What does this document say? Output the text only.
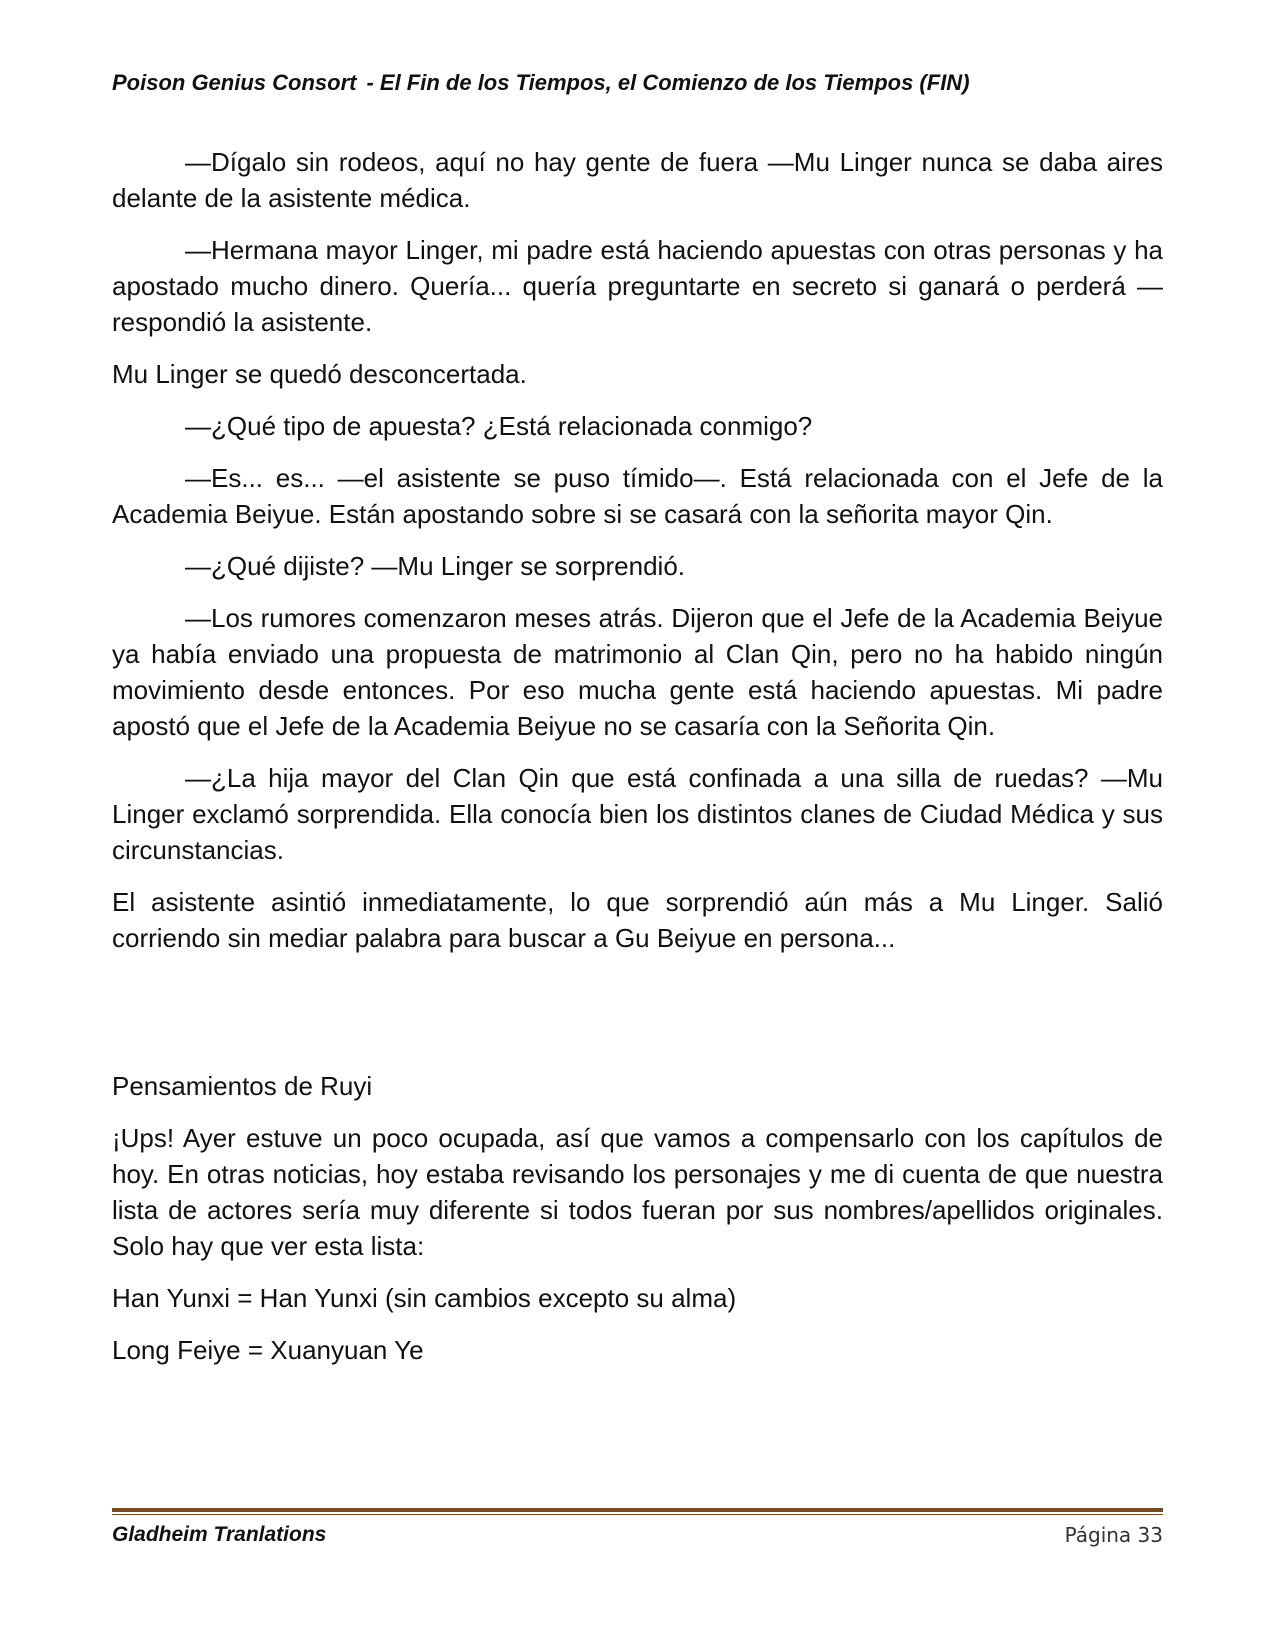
Poison Genius Consort - El Fin de los Tiempos, el Comienzo de los Tiempos (FIN)

—Dígalo sin rodeos, aquí no hay gente de fuera —Mu Linger nunca se daba aires delante de la asistente médica.

—Hermana mayor Linger, mi padre está haciendo apuestas con otras personas y ha apostado mucho dinero. Quería... quería preguntarte en secreto si ganará o perderá —respondió la asistente.

Mu Linger se quedó desconcertada.

—¿Qué tipo de apuesta? ¿Está relacionada conmigo?

—Es... es... —el asistente se puso tímido—. Está relacionada con el Jefe de la Academia Beiyue. Están apostando sobre si se casará con la señorita mayor Qin.

—¿Qué dijiste? —Mu Linger se sorprendió.

—Los rumores comenzaron meses atrás. Dijeron que el Jefe de la Academia Beiyue ya había enviado una propuesta de matrimonio al Clan Qin, pero no ha habido ningún movimiento desde entonces. Por eso mucha gente está haciendo apuestas. Mi padre apostó que el Jefe de la Academia Beiyue no se casaría con la Señorita Qin.

—¿La hija mayor del Clan Qin que está confinada a una silla de ruedas? —Mu Linger exclamó sorprendida. Ella conocía bien los distintos clanes de Ciudad Médica y sus circunstancias.

El asistente asintió inmediatamente, lo que sorprendió aún más a Mu Linger. Salió corriendo sin mediar palabra para buscar a Gu Beiyue en persona...

Pensamientos de Ruyi

¡Ups! Ayer estuve un poco ocupada, así que vamos a compensarlo con los capítulos de hoy. En otras noticias, hoy estaba revisando los personajes y me di cuenta de que nuestra lista de actores sería muy diferente si todos fueran por sus nombres/apellidos originales. Solo hay que ver esta lista:

Han Yunxi = Han Yunxi (sin cambios excepto su alma)

Long Feiye = Xuanyuan Ye

Gladheim Tranlations	Página 33
